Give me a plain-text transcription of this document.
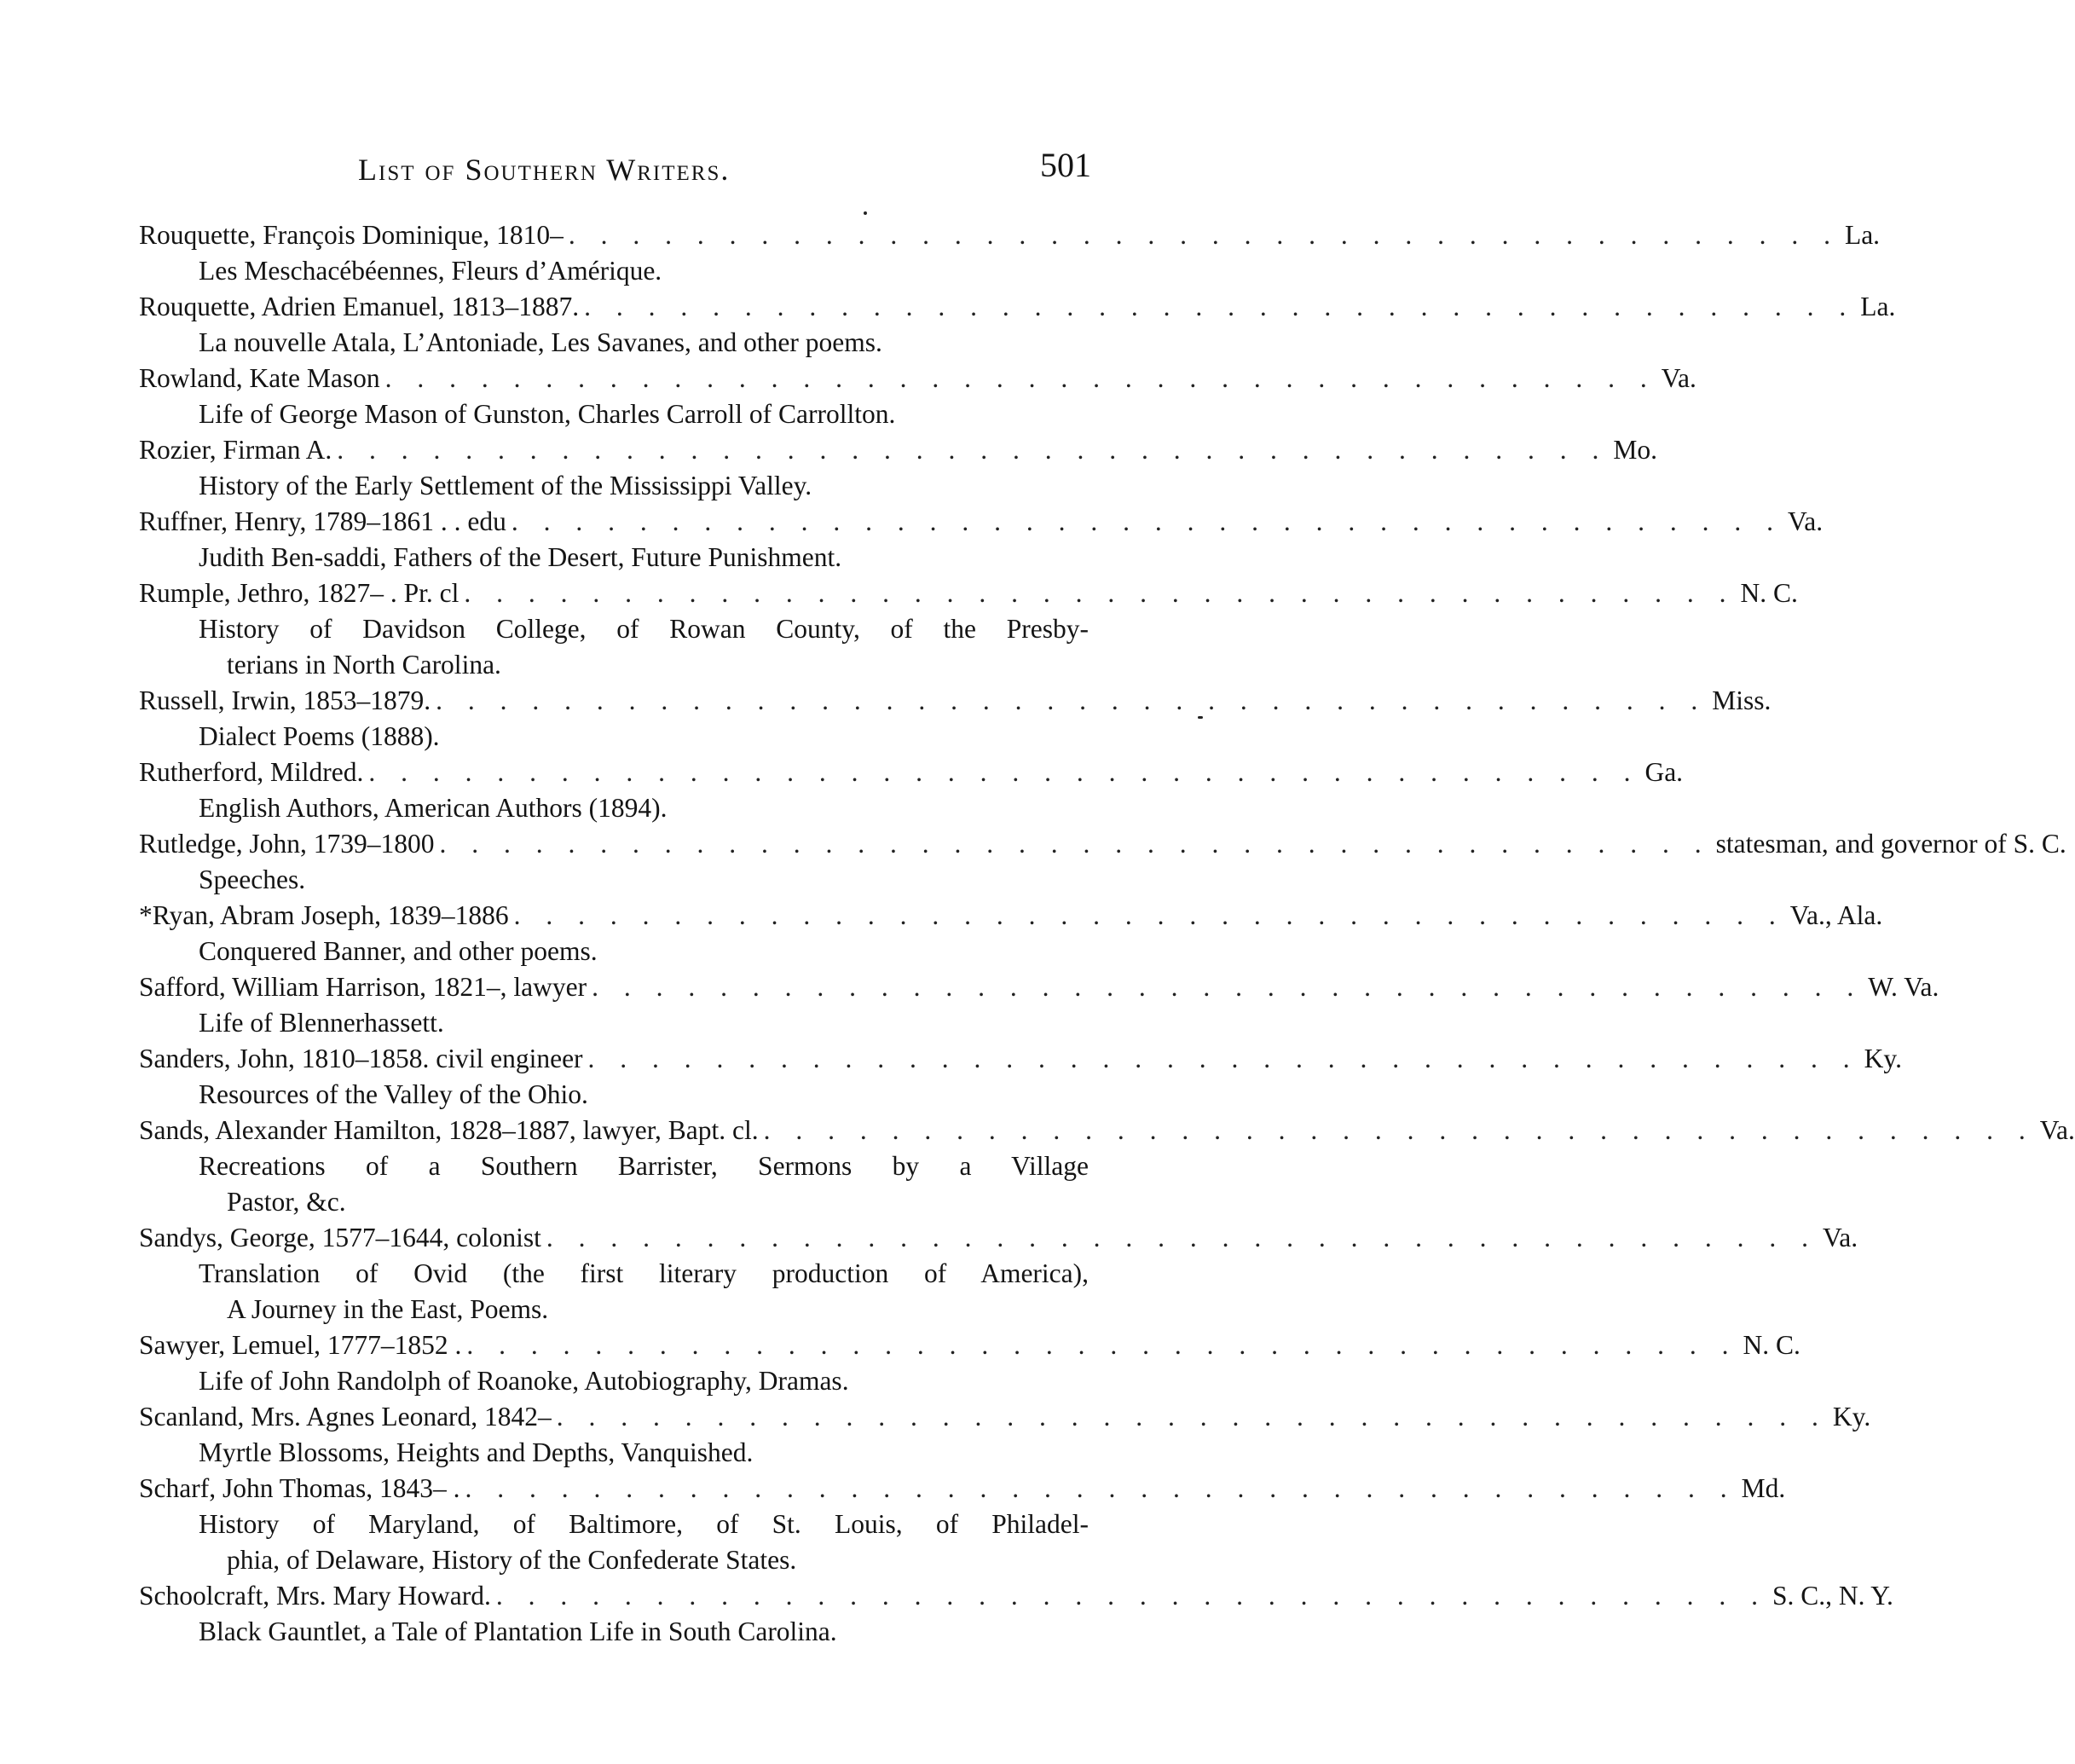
List of Southern Writers.	501
Rouquette, François Dominique, 1810– . . . . . . . . . . . . . . . . . . . . . . . . . . . . . . . . . . . . . . . . La.
Les Meschacébéennes, Fleurs d’Amérique.
Rouquette, Adrien Emanuel, 1813–1887. . . . . . . . . . . . . . . . . . . . . . . . . . . . . . . . . . . . . . . . . La.
La nouvelle Atala, L’Antoniade, Les Savanes, and other poems.
Rowland, Kate Mason . . . . . . . . . . . . . . . . . . . . . . . . . . . . . . . . . . . . . . . . Va.
Life of George Mason of Gunston, Charles Carroll of Carrollton.
Rozier, Firman A. . . . . . . . . . . . . . . . . . . . . . . . . . . . . . . . . . . . . . . . . Mo.
History of the Early Settlement of the Mississippi Valley.
Ruffner, Henry, 1789–1861 . . edu . . . . . . . . . . . . . . . . . . . . . . . . . . . . . . . . . . . . . . . . Va.
Judith Ben-saddi, Fathers of the Desert, Future Punishment.
Rumple, Jethro, 1827– . Pr. cl . . . . . . . . . . . . . . . . . . . . . . . . . . . . . . . . . . . . . . . . N. C.
History of Davidson College, of Rowan County, of the Presby-
terians in North Carolina.
Russell, Irwin, 1853–1879. . . . . . . . . . . . . . . . . . . . . . . . . . . . . . . . . . . . . . . . . Miss.
Dialect Poems (1888).
Rutherford, Mildred. . . . . . . . . . . . . . . . . . . . . . . . . . . . . . . . . . . . . . . . . Ga.
English Authors, American Authors (1894).
Rutledge, John, 1739–1800 . . . . . . . . . . . . . . . . . . . . . . . . . . . . . . . . . . . . . . . . statesman, and governor of S. C.
Speeches.
*Ryan, Abram Joseph, 1839–1886 . . . . . . . . . . . . . . . . . . . . . . . . . . . . . . . . . . . . . . . . Va., Ala.
Conquered Banner, and other poems.
Safford, William Harrison, 1821–, lawyer . . . . . . . . . . . . . . . . . . . . . . . . . . . . . . . . . . . . . . . . W. Va.
Life of Blennerhassett.
Sanders, John, 1810–1858. civil engineer . . . . . . . . . . . . . . . . . . . . . . . . . . . . . . . . . . . . . . . . Ky.
Resources of the Valley of the Ohio.
Sands, Alexander Hamilton, 1828–1887, lawyer, Bapt. cl. . . . . . . . . . . . . . . . . . . . . . . . . . . . . . . . . . . . . . . . . Va.
Recreations of a Southern Barrister, Sermons by a Village
Pastor, &c.
Sandys, George, 1577–1644, colonist . . . . . . . . . . . . . . . . . . . . . . . . . . . . . . . . . . . . . . . . Va.
Translation of Ovid (the first literary production of America),
A Journey in the East, Poems.
Sawyer, Lemuel, 1777–1852 . . . . . . . . . . . . . . . . . . . . . . . . . . . . . . . . . . . . . . . . . N. C.
Life of John Randolph of Roanoke, Autobiography, Dramas.
Scanland, Mrs. Agnes Leonard, 1842– . . . . . . . . . . . . . . . . . . . . . . . . . . . . . . . . . . . . . . . . Ky.
Myrtle Blossoms, Heights and Depths, Vanquished.
Scharf, John Thomas, 1843– . . . . . . . . . . . . . . . . . . . . . . . . . . . . . . . . . . . . . . . . . Md.
History of Maryland, of Baltimore, of St. Louis, of Philadel-
phia, of Delaware, History of the Confederate States.
Schoolcraft, Mrs. Mary Howard. . . . . . . . . . . . . . . . . . . . . . . . . . . . . . . . . . . . . . . . . S. C., N. Y.
Black Gauntlet, a Tale of Plantation Life in South Carolina.
